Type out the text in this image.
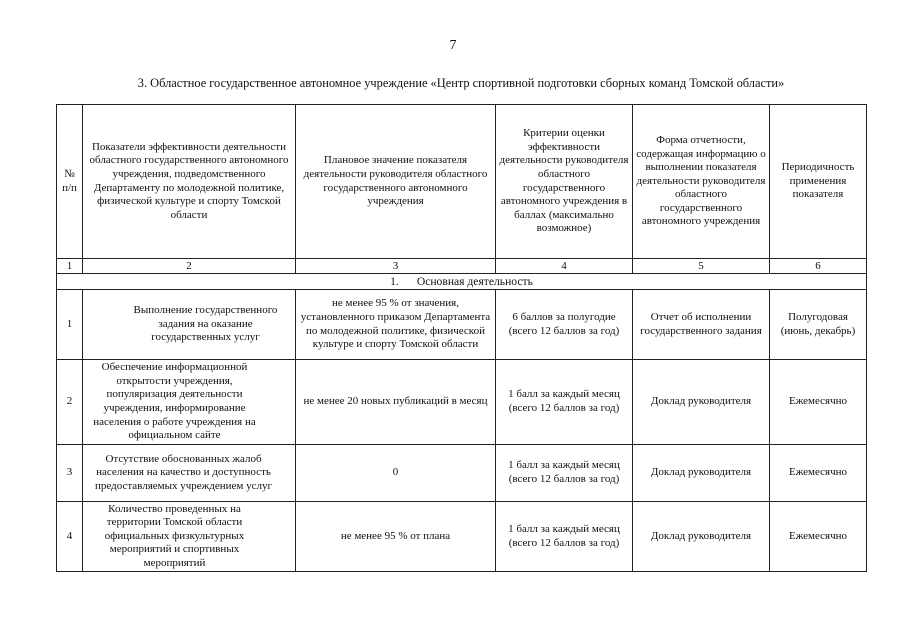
7
3. Областное государственное автономное учреждение «Центр спортивной подготовки сборных команд Томской области»
№ п/п	Показатели эффективности деятельности областного государственного автономного учреждения, подведомственного Департаменту по молодежной политике, физической культуре и спорту Томской области	Плановое значение показателя деятельности руководителя областного государственного автономного учреждения	Критерии оценки эффективности деятельности руководителя областного государственного автономного учреждения в баллах (максимально возможное)	Форма отчетности, содержащая информацию о выполнении показателя деятельности руководителя областного государственного автономного учреждения	Периодичность применения показателя
1	2	3	4	5	6
1. Основная деятельность					
1	Выполнение государственного задания на оказание государственных услуг	не менее 95 % от значения, установленного приказом Департамента по молодежной политике, физической культуре и спорту Томской области	6 баллов за полугодие (всего 12 баллов за год)	Отчет об исполнении государственного задания	Полугодовая (июнь, декабрь)
2	Обеспечение информационной открытости учреждения, популяризация деятельности учреждения, информирование населения о работе учреждения на официальном сайте	не менее 20 новых публикаций в месяц	1 балл за каждый месяц (всего 12 баллов за год)	Доклад руководителя	Ежемесячно
3	Отсутствие обоснованных жалоб населения на качество и доступность предоставляемых учреждением услуг	0	1 балл за каждый месяц (всего 12 баллов за год)	Доклад руководителя	Ежемесячно
4	Количество проведенных на территории Томской области официальных физкультурных мероприятий и спортивных мероприятий	не менее 95 % от плана	1 балл за каждый месяц (всего 12 баллов за год)	Доклад руководителя	Ежемесячно
